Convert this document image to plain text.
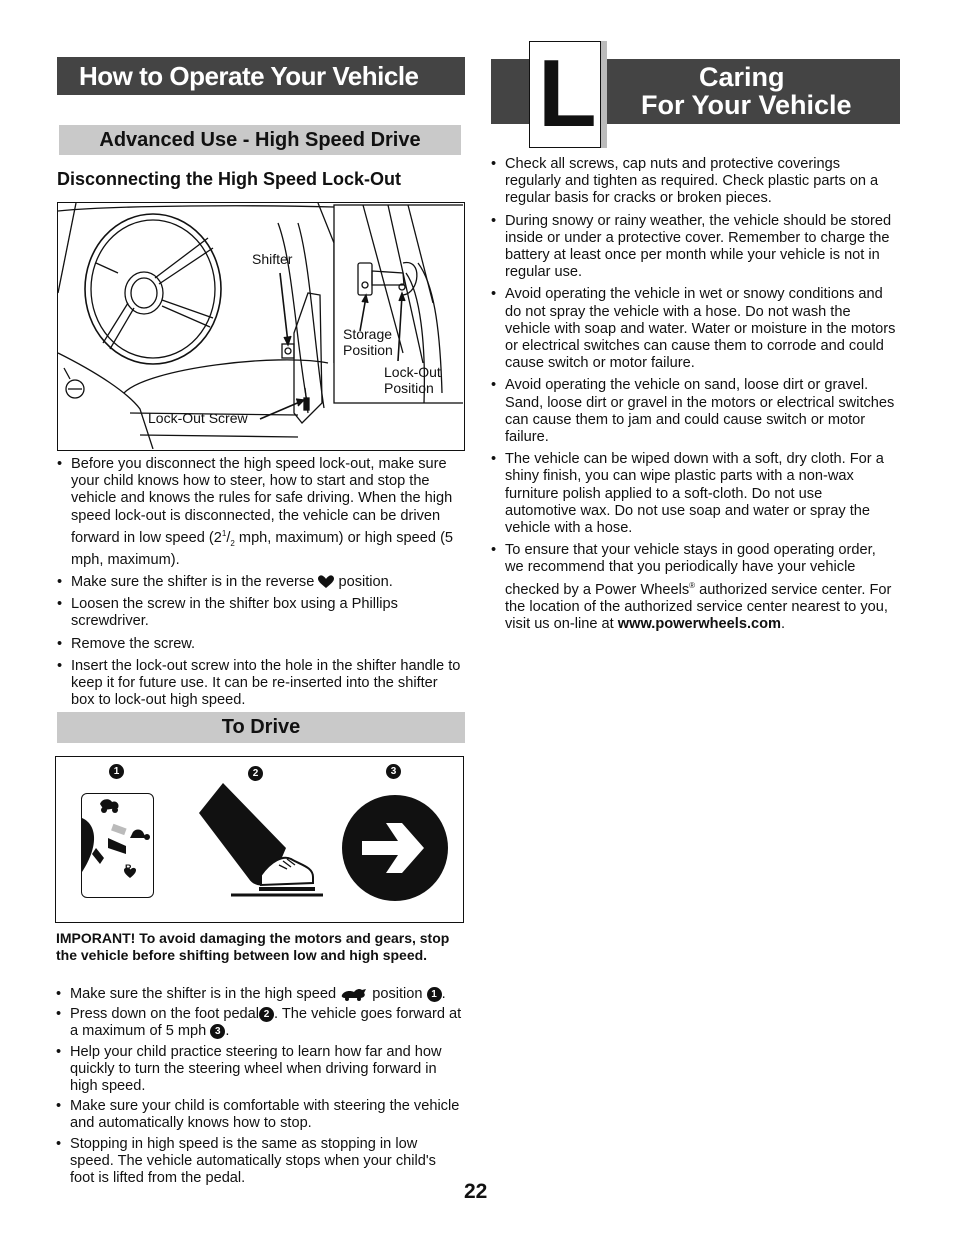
How to Operate Your Vehicle
Advanced Use - High Speed Drive
Disconnecting the High Speed Lock-Out
Shifter
Storage
Position
Lock-Out
Position
Lock-Out Screw
• Before you disconnect the high speed lock-out, make sure your child knows how to steer, how to start and stop the vehicle and knows the rules for safe driving. When the high speed lock-out is disconnected, the vehicle can be driven forward in low speed ($2^1/_2$ mph, maximum) or high speed (5 mph, maximum).
• Make sure the shifter is in the reverse  position.
• Loosen the screw in the shifter box using a Phillips screwdriver.
• Remove the screw.
• Insert the lock-out screw into the hole in the shifter handle to keep it for future use. It can be re-inserted into the shifter box to lock-out high speed.
To Drive
1	2	3
R
IMPORANT! To avoid damaging the motors and gears, stop the vehicle before shifting between low and high speed.
• Make sure the shifter is in the high speed  position 1 .
• Press down on the foot pedal 2 . The vehicle goes forward at a maximum of 5 mph 3 .
• Help your child practice steering to learn how far and how quickly to turn the steering wheel when driving forward in high speed.
• Make sure your child is comfortable with steering the vehicle and automatically knows how to stop.
• Stopping in high speed is the same as stopping in low speed. The vehicle automatically stops when your child's foot is lifted from the pedal.
22
Caring
For Your Vehicle
L
• Check all screws, cap nuts and protective coverings regularly and tighten as required. Check plastic parts on a regular basis for cracks or broken pieces.
• During snowy or rainy weather, the vehicle should be stored inside or under a protective cover. Remember to charge the battery at least once per month while your vehicle is not in regular use.
• Avoid operating the vehicle in wet or snowy conditions and do not spray the vehicle with a hose. Do not wash the vehicle with soap and water. Water or moisture in the motors or electrical switches can cause them to corrode and could cause switch or motor failure.
• Avoid operating the vehicle on sand, loose dirt or gravel. Sand, loose dirt or gravel in the motors or electrical switches can cause them to jam and could cause switch or motor failure.
• The vehicle can be wiped down with a soft, dry cloth. For a shiny finish, you can wipe plastic parts with a non-wax furniture polish applied to a soft-cloth. Do not use automotive wax. Do not use soap and water or spray the vehicle with a hose.
• To ensure that your vehicle stays in good operating order, we recommend that you periodically have your vehicle checked by a Power Wheels® authorized service center. For the location of the authorized service center nearest to you, visit us on-line at www.powerwheels.com.
